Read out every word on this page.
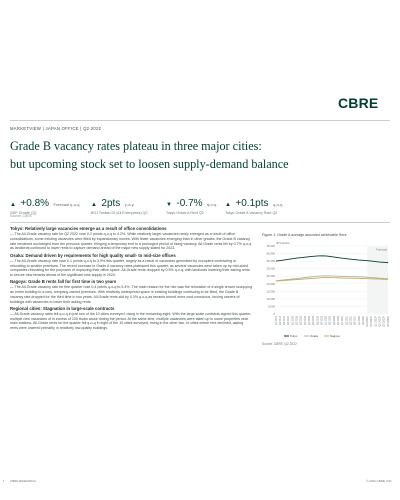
CBRE
MARKETVIEW | JAPAN OFFICE | Q2 2022
Grade B vacancy rates plateau in three major cities:
but upcoming stock set to loosen supply-demand balance
▲ +0.8% Forecast q-o-q
GDP Growth (Q)
▲ 2pts y-o-y
BOJ Tankan DI (All Enterprises) Q2
▼ -0.7% q-o-q
Tokyo Grade A Rent Q2
▲ +0.1pts q-o-q
Tokyo Grade A Vacancy Rate Q2
Source: CBRE
Tokyo: Relatively large vacancies emerge as a result of office consolidations
— The All-Grade vacancy rate for Q2 2022 rose 0.2 points q-o-q to 4.2%. While relatively larger vacancies newly emerged as a result of office consolidations, some existing vacancies were filled by expansionary moves. With fewer vacancies emerging than in other grades, the Grade B vacancy rate remained unchanged from the previous quarter, bringing a temporary end to a prolonged period of rising vacancy. All-Grade rents fell by 0.7% q-o-q as landlords continued to lower rents to capture demand ahead of the major new supply slated for 2023.
Osaka: Demand driven by requirements for high quality small- to mid-size offices
— The All-Grade vacancy rate rose 0.1 points q-o-q to 3.9% this quarter, largely as a result of vacancies generated by occupiers contracting or relocating to smaller premises. The recent increase in Grade A vacancy rates plateaued this quarter, as several vacancies were taken up by mid-sized companies relocating for the purposes of improving their office space. All-Grade rents dropped by 0.5% q-o-q, with landlords lowering their asking rents to secure new tenants ahead of the significant new supply in 2024.
Nagoya: Grade B rents fall for first time in two years
— The All-Grade vacancy rate for fine quarter rose 0.4 points q-o-q to 5.4%. The main reason for the rise was the relocation of a single tenant occupying an entire building to a new, company-owned premises. With relatively widespread space in existing buildings continuing to be filled, the Grade B vacancy rate dropped for the third time in two years. All-Grade rents slid by 0.3% q-o-q as tenants turned more cost-conscious, forcing owners of buildings with vacancies to lower their asking rents.
Regional cities: Stagnation in large-scale contracts
— All-Grade vacancy rates fell q-o-q in just two of the 10 cities surveyed, rising in the remaining eight. With the large-scale contracts signed this quarter, multiple new vacancies of in excess of 100 tsubo arose during the period. At the same time, multiple vacancies were taken up in some properties near main stations. All-Grade rents for the quarter fell q-o-q in eight of the 10 cities surveyed, rising in the other two. In cities where rent declined, asking rents were lowered primarily in relatively low-quality buildings.
Figure 1: Grade A average assumed achievable Rent
JPY/tsubo
0
5,000
10,000
15,000
20,000
25,000
30,000
35,000
40,000
45,000
Forecast
Q1 2017 Q2 2017 Q3 2017 Q4 2017 Q1 2018 Q2 2018 Q3 2018 Q4 2018 Q1 2019 Q2 2019 Q3 2019 Q4 2019 Q1 2020 Q2 2020 Q3 2020 Q4 2020 Q1 2021 Q2 2021 Q3 2021 Q4 2021 Q1 2022 Q2 2022 Q3 2022F Q4 2022F Q1 2023F Q2 2023F Q3 2023F Q4 2023F
Tokyo	Osaka	Nagoya
Source: CBRE, Q2 2022
1 CBRE RESEARCH	© 2022 CBRE, INC.
